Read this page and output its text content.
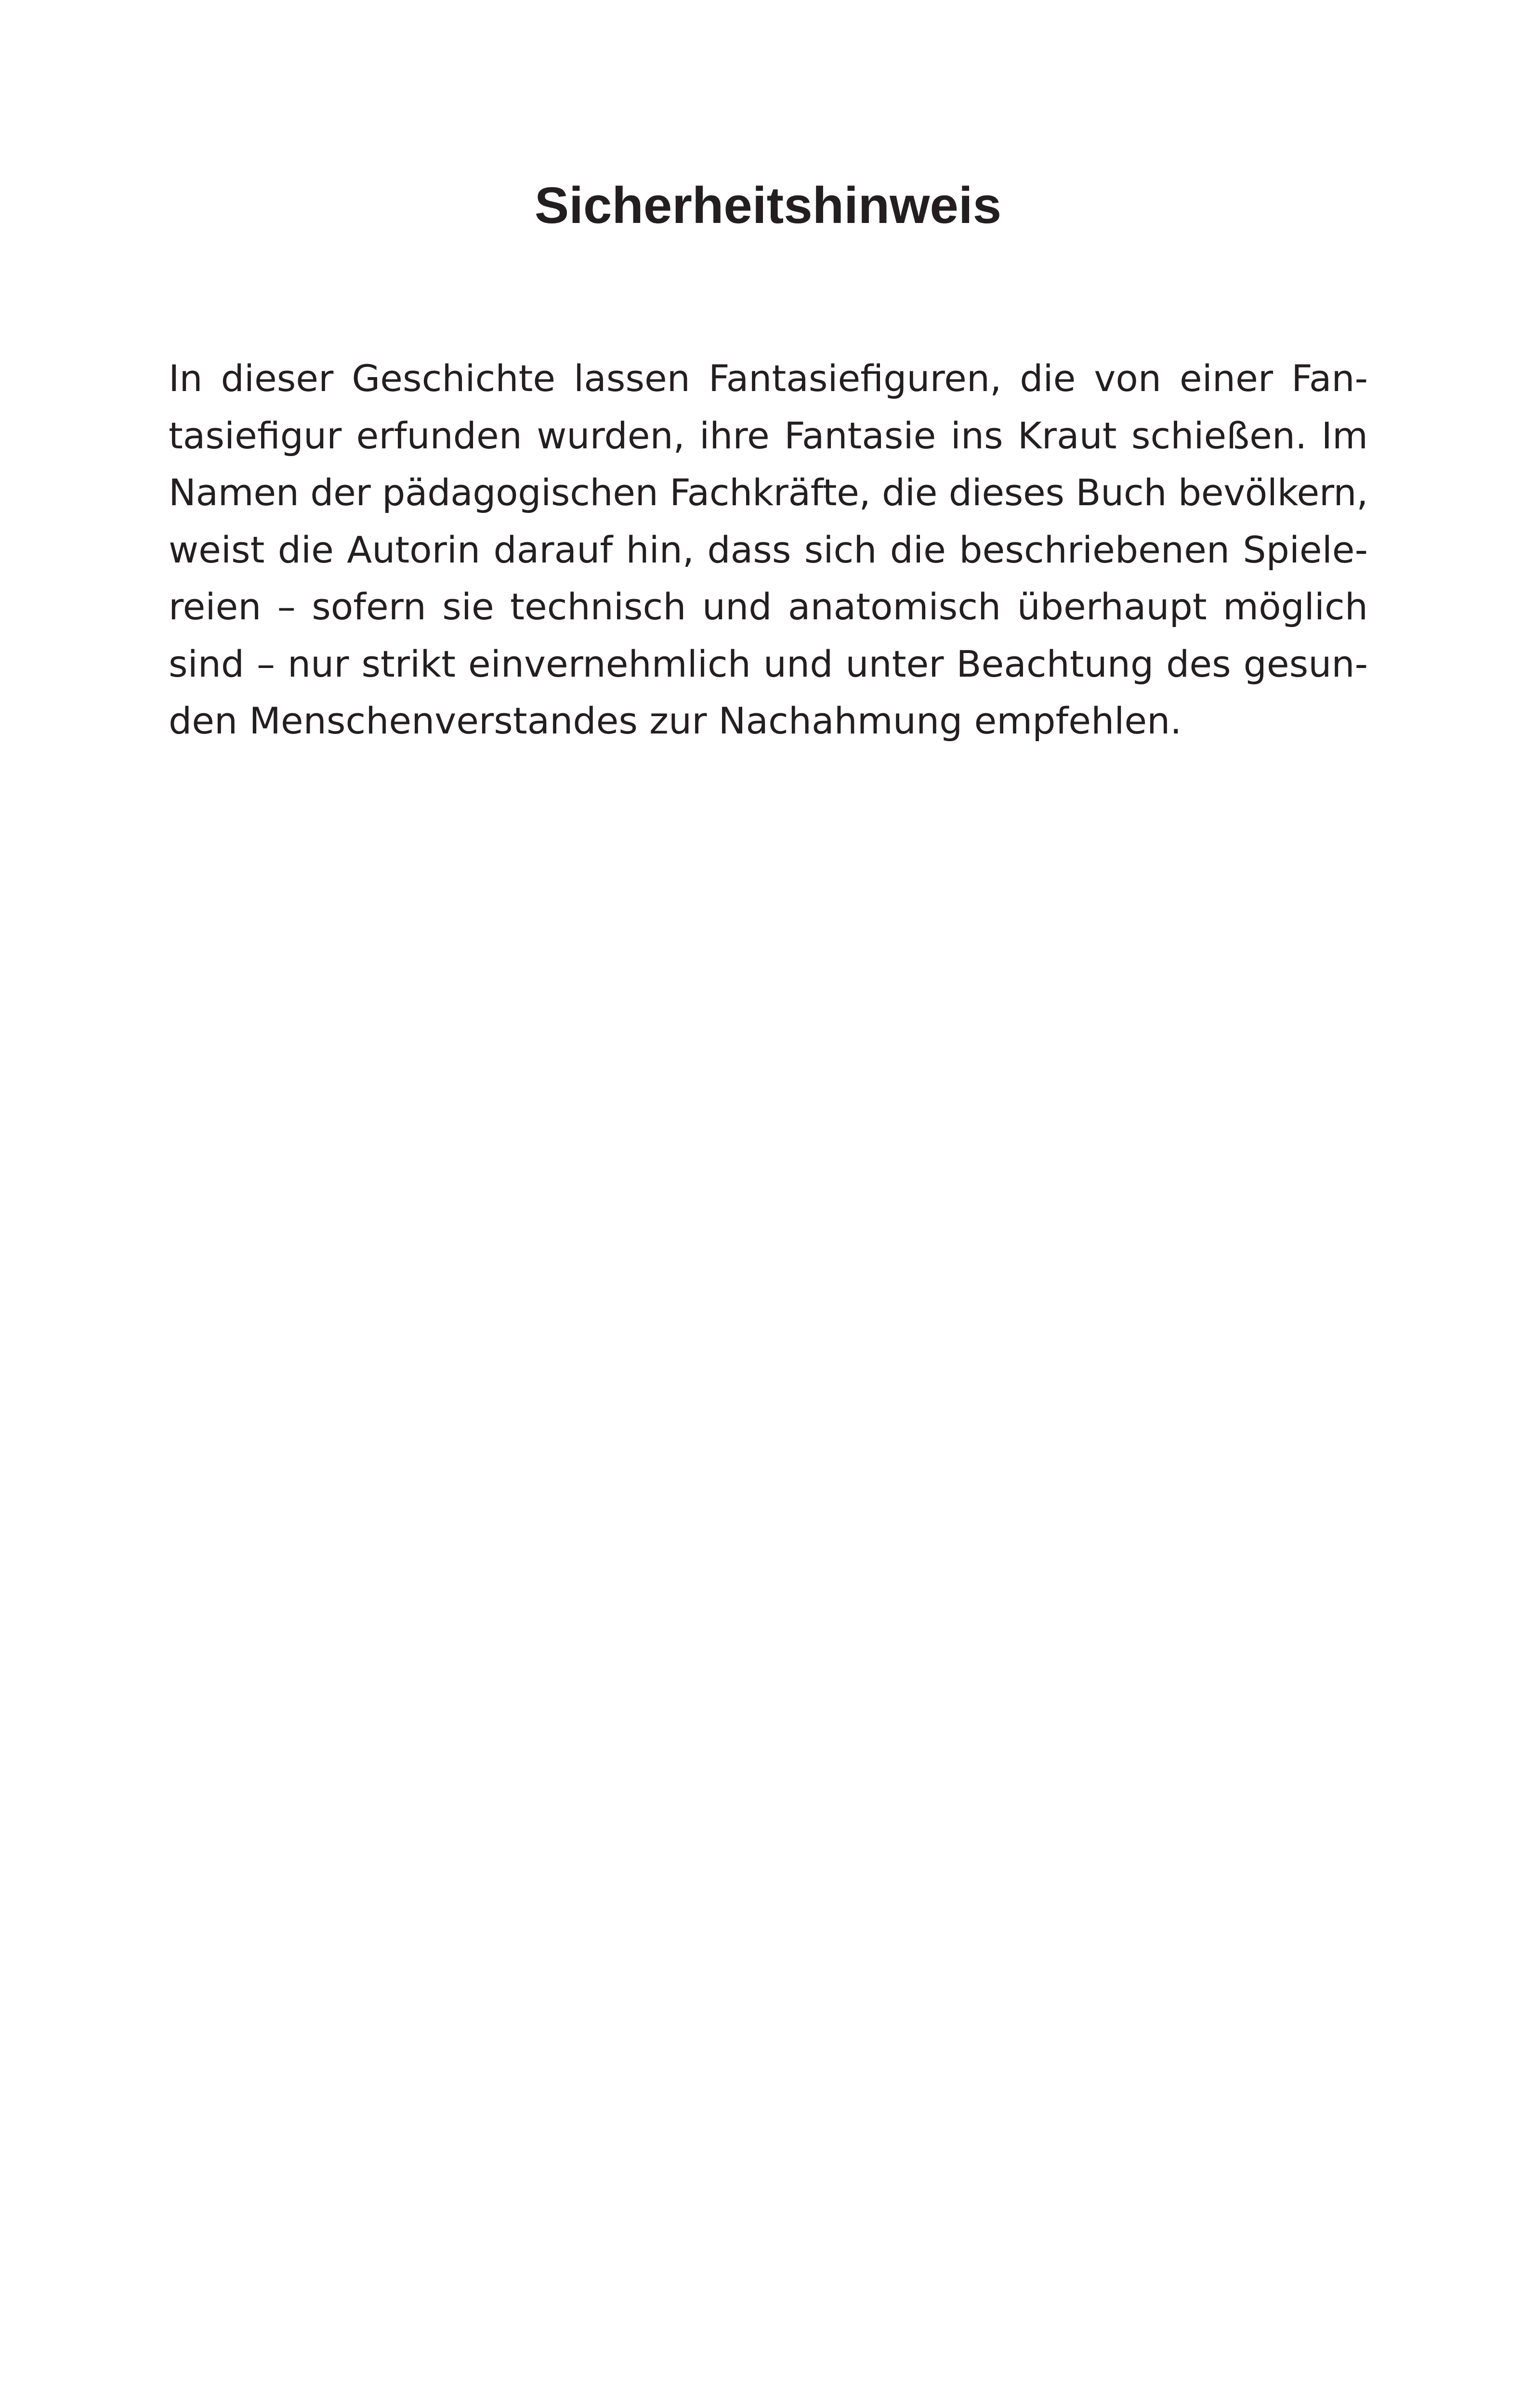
Sicherheitshinweis
In dieser Geschichte lassen Fantasiefiguren, die von einer Fan-
tasiefigur erfunden wurden, ihre Fantasie ins Kraut schießen. Im
Namen der pädagogischen Fachkräfte, die dieses Buch bevölkern,
weist die Autorin darauf hin, dass sich die beschriebenen Spiele-
reien – sofern sie technisch und anatomisch überhaupt möglich
sind – nur strikt einvernehmlich und unter Beachtung des gesun-
den Menschenverstandes zur Nachahmung empfehlen.
